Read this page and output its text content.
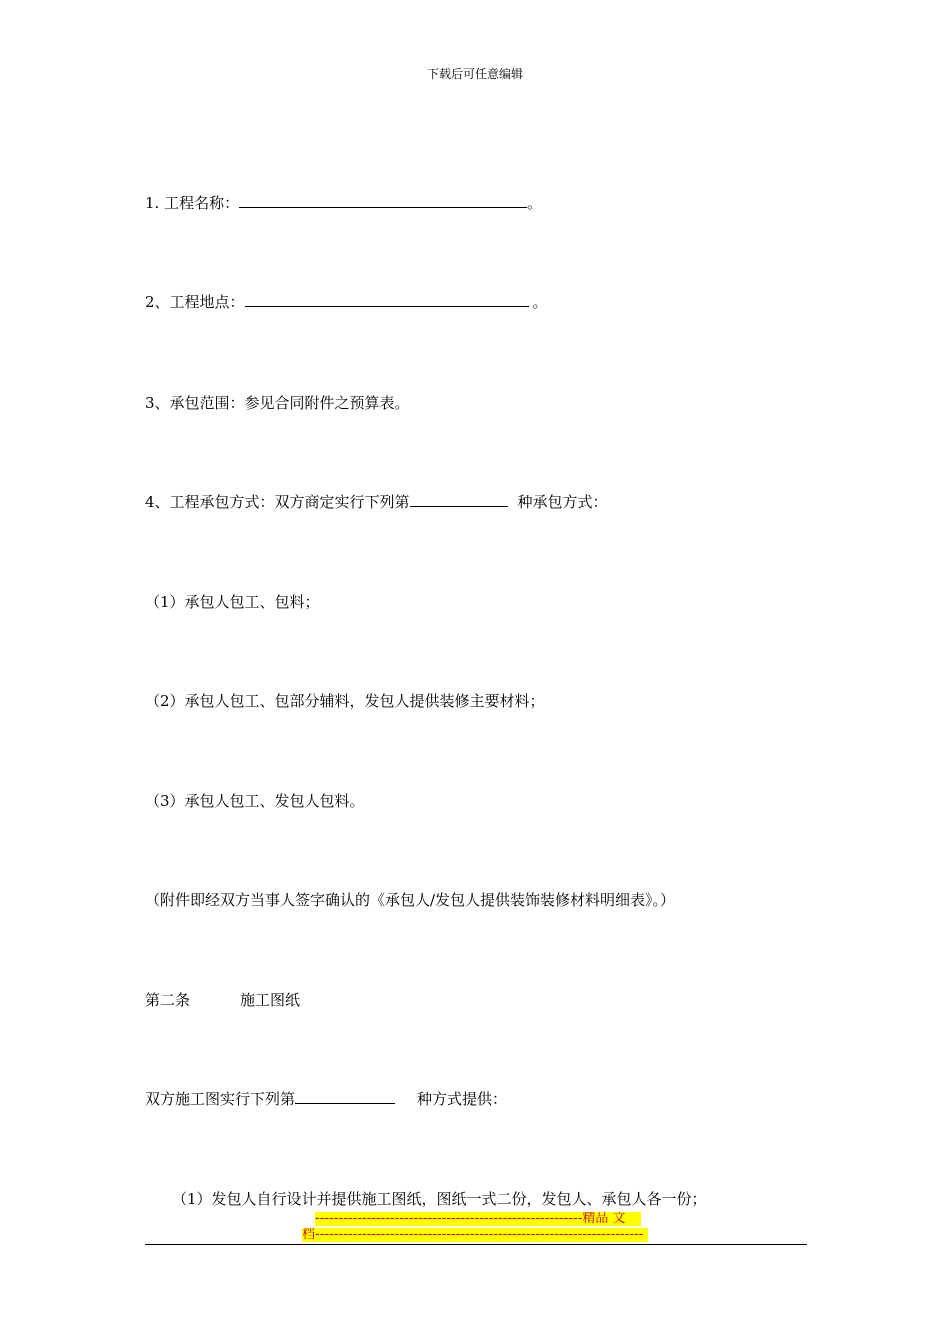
下载后可任意编辑
1. 工程名称：	。
2、工程地点：	。
3、承包范围：参见合同附件之预算表。
4、工程承包方式：双方商定实行下列第	种承包方式：
（1）承包人包工、包料；
（2）承包人包工、包部分辅料，发包人提供装修主要材料；
（3）承包人包工、发包人包料。
（附件即经双方当事人签字确认的《承包人/发包人提供装饰装修材料明细表》。）
第二条	施工图纸
双方施工图实行下列第	种方式提供：
（1）发包人自行设计并提供施工图纸，图纸一式二份，发包人、承包人各一份；
---------------------------------------------------------精品 文
档----------------------------------------------------------------------
